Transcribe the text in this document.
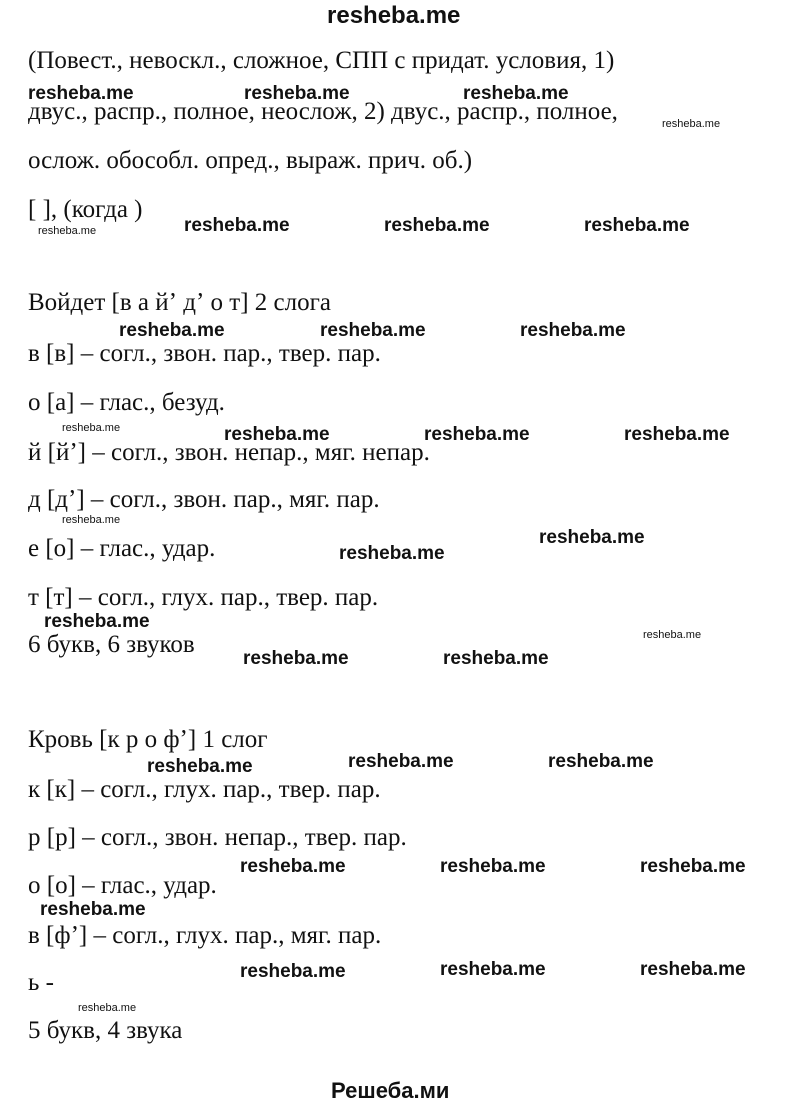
resheba.me
(Повест., невоскл., сложное, СПП с придат. условия, 1)
двус., распр., полное, неослож, 2) двус., распр., полное,
ослож. обособл. опред., выраж. прич. об.)
[ ], (когда )
Войдет [в а йʼ дʼ о т] 2 слога
в [в] – согл., звон. пар., твер. пар.
о [а] – глас., безуд.
й [йʼ] – согл., звон. непар., мяг. непар.
д [дʼ] – согл., звон. пар., мяг. пар.
е [о] – глас., удар.
т [т] – согл., глух. пар., твер. пар.
6 букв, 6 звуков
Кровь [к р о фʼ] 1 слог
к [к] – согл., глух. пар., твер. пар.
р [р] – согл., звон. непар., твер. пар.
о [о] – глас., удар.
в [фʼ] – согл., глух. пар., мяг. пар.
ь -
5 букв, 4 звука
Решеба.ми
resheba.me	resheba.me	resheba.me
resheba.me	resheba.me	resheba.me
resheba.me	resheba.me	resheba.me
resheba.me	resheba.me	resheba.me
resheba.me
resheba.me
resheba.me
resheba.me	resheba.me
resheba.me	resheba.me
resheba.me
resheba.me	resheba.me	resheba.me
resheba.me
resheba.me	resheba.me	resheba.me
resheba.me
resheba.me
resheba.me
resheba.me
resheba.me
resheba.me
